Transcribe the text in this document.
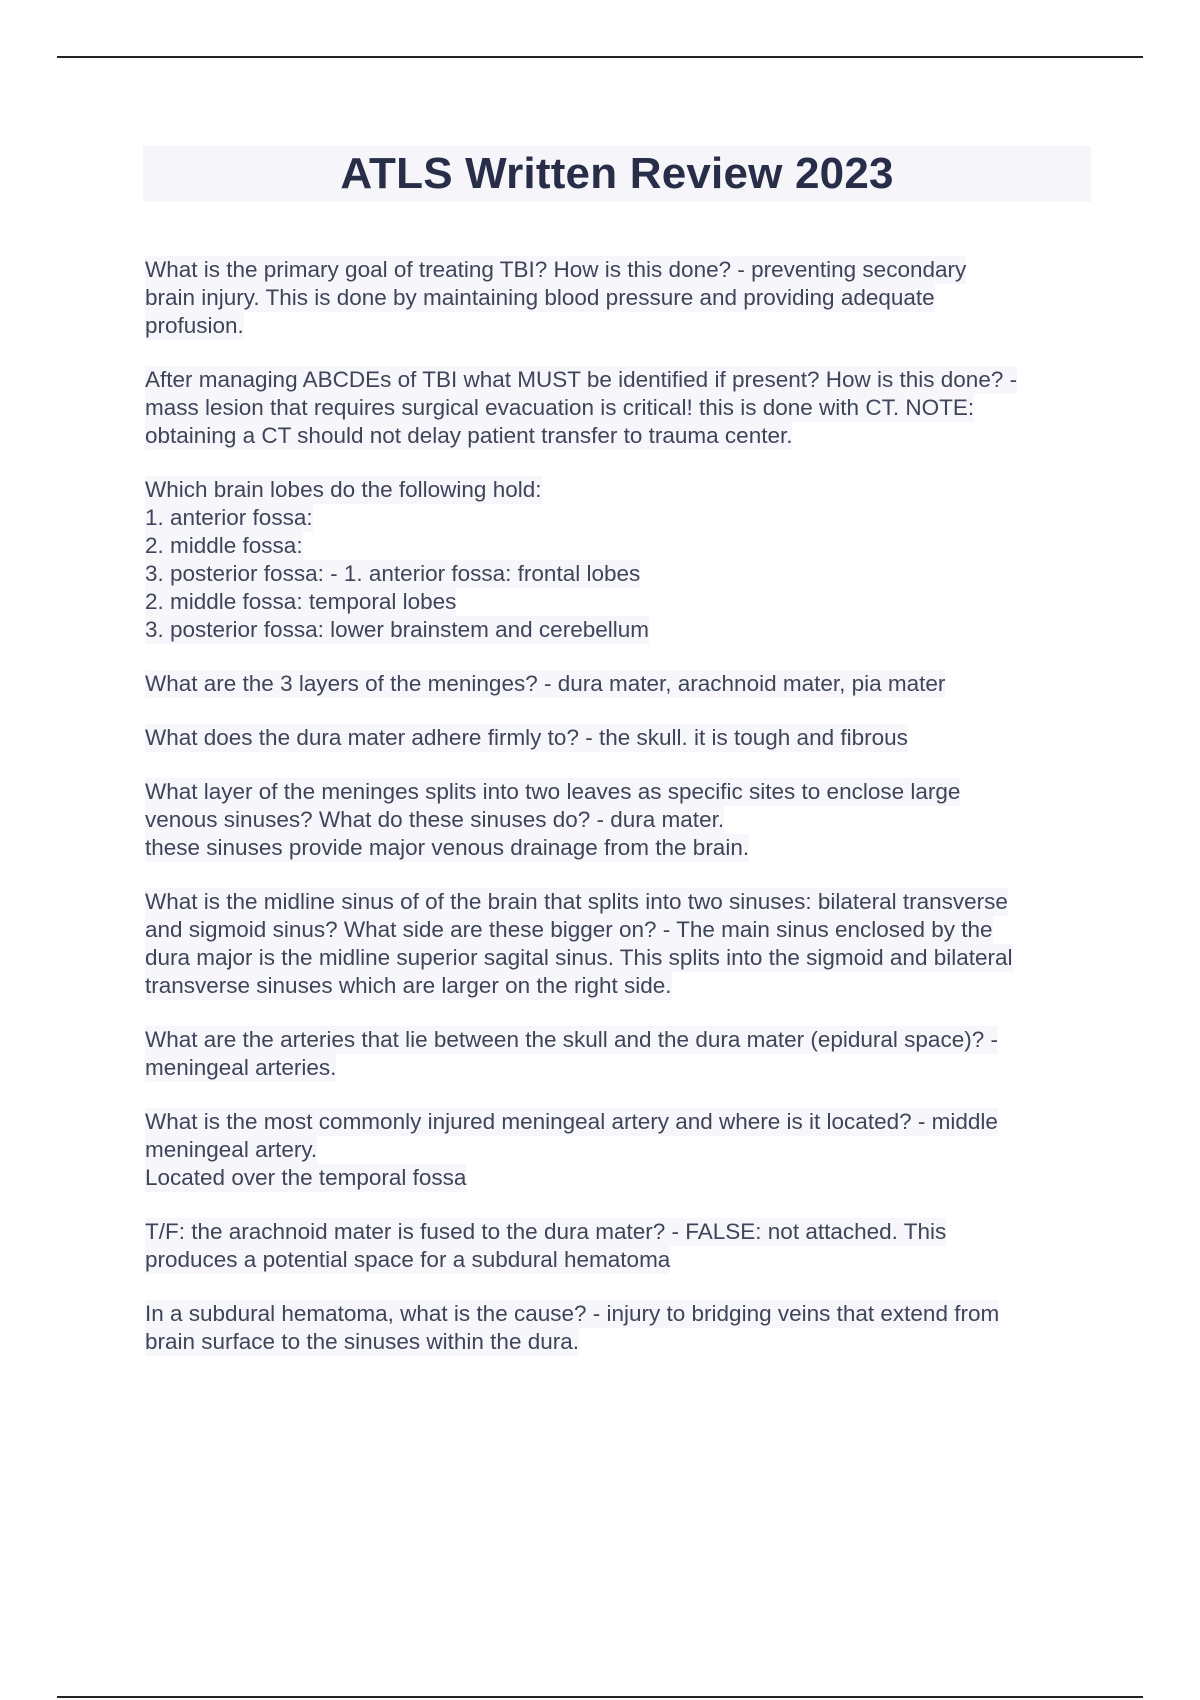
ATLS Written Review 2023

What is the primary goal of treating TBI? How is this done? - preventing secondary
brain injury. This is done by maintaining blood pressure and providing adequate
profusion.

After managing ABCDEs of TBI what MUST be identified if present? How is this done? -
mass lesion that requires surgical evacuation is critical! this is done with CT. NOTE:
obtaining a CT should not delay patient transfer to trauma center.

Which brain lobes do the following hold:
1. anterior fossa:
2. middle fossa:
3. posterior fossa: - 1. anterior fossa: frontal lobes
2. middle fossa: temporal lobes
3. posterior fossa: lower brainstem and cerebellum

What are the 3 layers of the meninges? - dura mater, arachnoid mater, pia mater

What does the dura mater adhere firmly to? - the skull. it is tough and fibrous

What layer of the meninges splits into two leaves as specific sites to enclose large
venous sinuses? What do these sinuses do? - dura mater.
these sinuses provide major venous drainage from the brain.

What is the midline sinus of of the brain that splits into two sinuses: bilateral transverse
and sigmoid sinus? What side are these bigger on? - The main sinus enclosed by the
dura major is the midline superior sagital sinus. This splits into the sigmoid and bilateral
transverse sinuses which are larger on the right side.

What are the arteries that lie between the skull and the dura mater (epidural space)? -
meningeal arteries.

What is the most commonly injured meningeal artery and where is it located? - middle
meningeal artery.
Located over the temporal fossa

T/F: the arachnoid mater is fused to the dura mater? - FALSE: not attached. This
produces a potential space for a subdural hematoma

In a subdural hematoma, what is the cause? - injury to bridging veins that extend from
brain surface to the sinuses within the dura.
